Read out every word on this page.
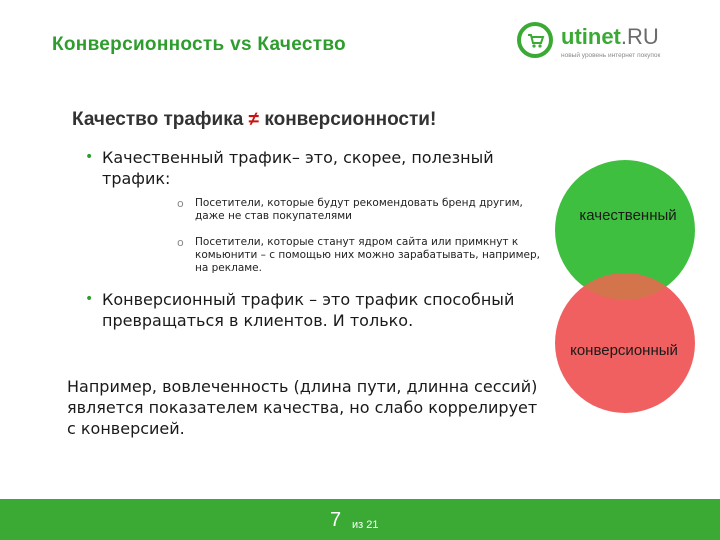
Конверсионность vs Качество	utinet.RU
новый уровень интернет покупок
Качество трафика ≠ конверсионности!
• Качественный трафик– это, скорее, полезный трафик:
o Посетители, которые будут рекомендовать бренд другим, даже не став покупателями
o Посетители, которые станут ядром сайта или примкнут к комьюнити – с помощью них можно зарабатывать, например, на рекламе.
• Конверсионный трафик – это трафик способный превращаться в клиентов. И только.
Например, вовлеченность (длина пути, длинна сессий) является показателем качества, но слабо коррелирует с конверсией.
качественный
конверсионный
7 из 21
